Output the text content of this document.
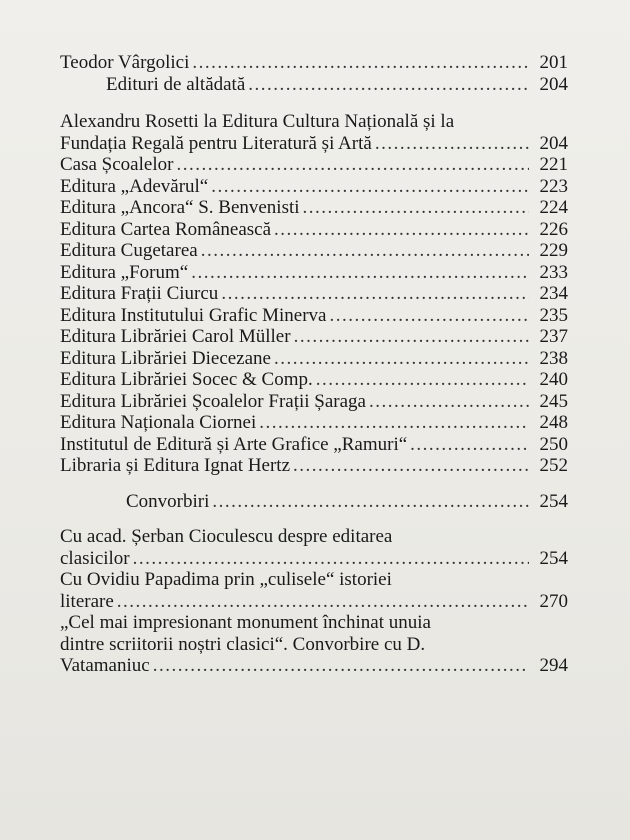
Teodor Vârgolici .....	201
Edituri de altădată .....	204
Alexandru Rosetti la Editura Cultura Națională și la
Fundația Regală pentru Literatură și Artă .....	204
Casa Școalelor .....	221
Editura „Adevărul“ .....	223
Editura „Ancora“ S. Benvenisti .....	224
Editura Cartea Românească .....	226
Editura Cugetarea .....	229
Editura „Forum“ .....	233
Editura Frații Ciurcu .....	234
Editura Institutului Grafic Minerva .....	235
Editura Librăriei Carol Müller .....	237
Editura Librăriei Diecezane .....	238
Editura Librăriei Socec & Comp. .....	240
Editura Librăriei Școalelor Frații Șaraga .....	245
Editura Naționala Ciornei .....	248
Institutul de Editură și Arte Grafice „Ramuri“ .....	250
Libraria și Editura Ignat Hertz .....	252
Convorbiri .....	254
Cu acad. Șerban Cioculescu despre editarea
clasicilor .....	254
Cu Ovidiu Papadima prin „culisele“ istoriei
literare .....	270
„Cel mai impresionant monument închinat unuia
dintre scriitorii noștri clasici“. Convorbire cu D.
Vatamaniuc .....	294
